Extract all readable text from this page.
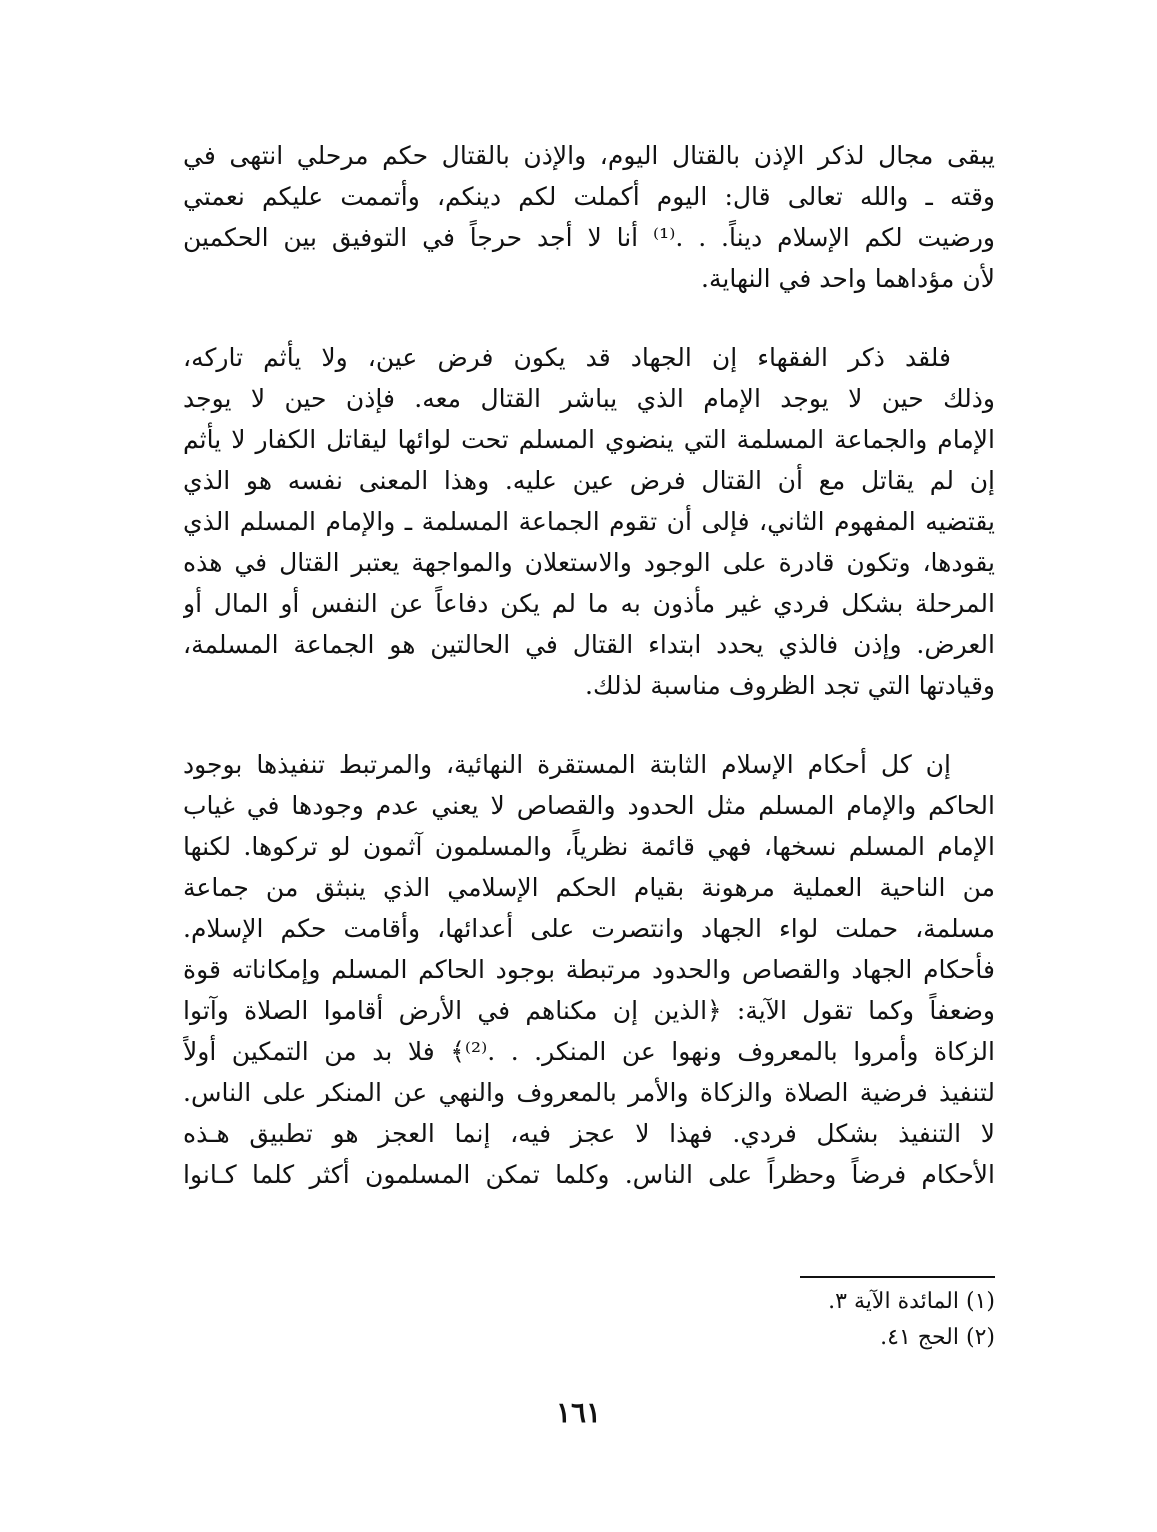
يبقى مجال لذكر الإذن بالقتال اليوم، والإذن بالقتال حكم مرحلي انتهى في
وقته ـ والله تعالى قال: اليوم أكملت لكم دينكم، وأتممت عليكم نعمتي
ورضيت لكم الإسلام ديناً. . .⁽¹⁾ أنا لا أجد حرجاً في التوفيق بين الحكمين
لأن مؤداهما واحد في النهاية.
فلقد ذكر الفقهاء إن الجهاد قد يكون فرض عين، ولا يأثم تاركه،
وذلك حين لا يوجد الإمام الذي يباشر القتال معه. فإذن حين لا يوجد
الإمام والجماعة المسلمة التي ينضوي المسلم تحت لوائها ليقاتل الكفار لا يأثم
إن لم يقاتل مع أن القتال فرض عين عليه. وهذا المعنى نفسه هو الذي
يقتضيه المفهوم الثاني، فإلى أن تقوم الجماعة المسلمة ـ والإمام المسلم الذي
يقودها، وتكون قادرة على الوجود والاستعلان والمواجهة يعتبر القتال في هذه
المرحلة بشكل فردي غير مأذون به ما لم يكن دفاعاً عن النفس أو المال أو
العرض. وإذن فالذي يحدد ابتداء القتال في الحالتين هو الجماعة المسلمة،
وقيادتها التي تجد الظروف مناسبة لذلك.
إن كل أحكام الإسلام الثابتة المستقرة النهائية، والمرتبط تنفيذها بوجود
الحاكم والإمام المسلم مثل الحدود والقصاص لا يعني عدم وجودها في غياب
الإمام المسلم نسخها، فهي قائمة نظرياً، والمسلمون آثمون لو تركوها. لكنها
من الناحية العملية مرهونة بقيام الحكم الإسلامي الذي ينبثق من جماعة
مسلمة، حملت لواء الجهاد وانتصرت على أعدائها، وأقامت حكم الإسلام.
فأحكام الجهاد والقصاص والحدود مرتبطة بوجود الحاكم المسلم وإمكاناته قوة
وضعفاً وكما تقول الآية: ﴿الذين إن مكناهم في الأرض أقاموا الصلاة وآتوا
الزكاة وأمروا بالمعروف ونهوا عن المنكر. . .⁽²⁾﴾ فلا بد من التمكين أولاً
لتنفيذ فرضية الصلاة والزكاة والأمر بالمعروف والنهي عن المنكر على الناس.
لا التنفيذ بشكل فردي. فهذا لا عجز فيه، إنما العجز هو تطبيق هـذه
الأحكام فرضاً وحظراً على الناس. وكلما تمكن المسلمون أكثر كلما كـانوا
(١) المائدة الآية ٣.
(٢) الحج ٤١.
١٦١
